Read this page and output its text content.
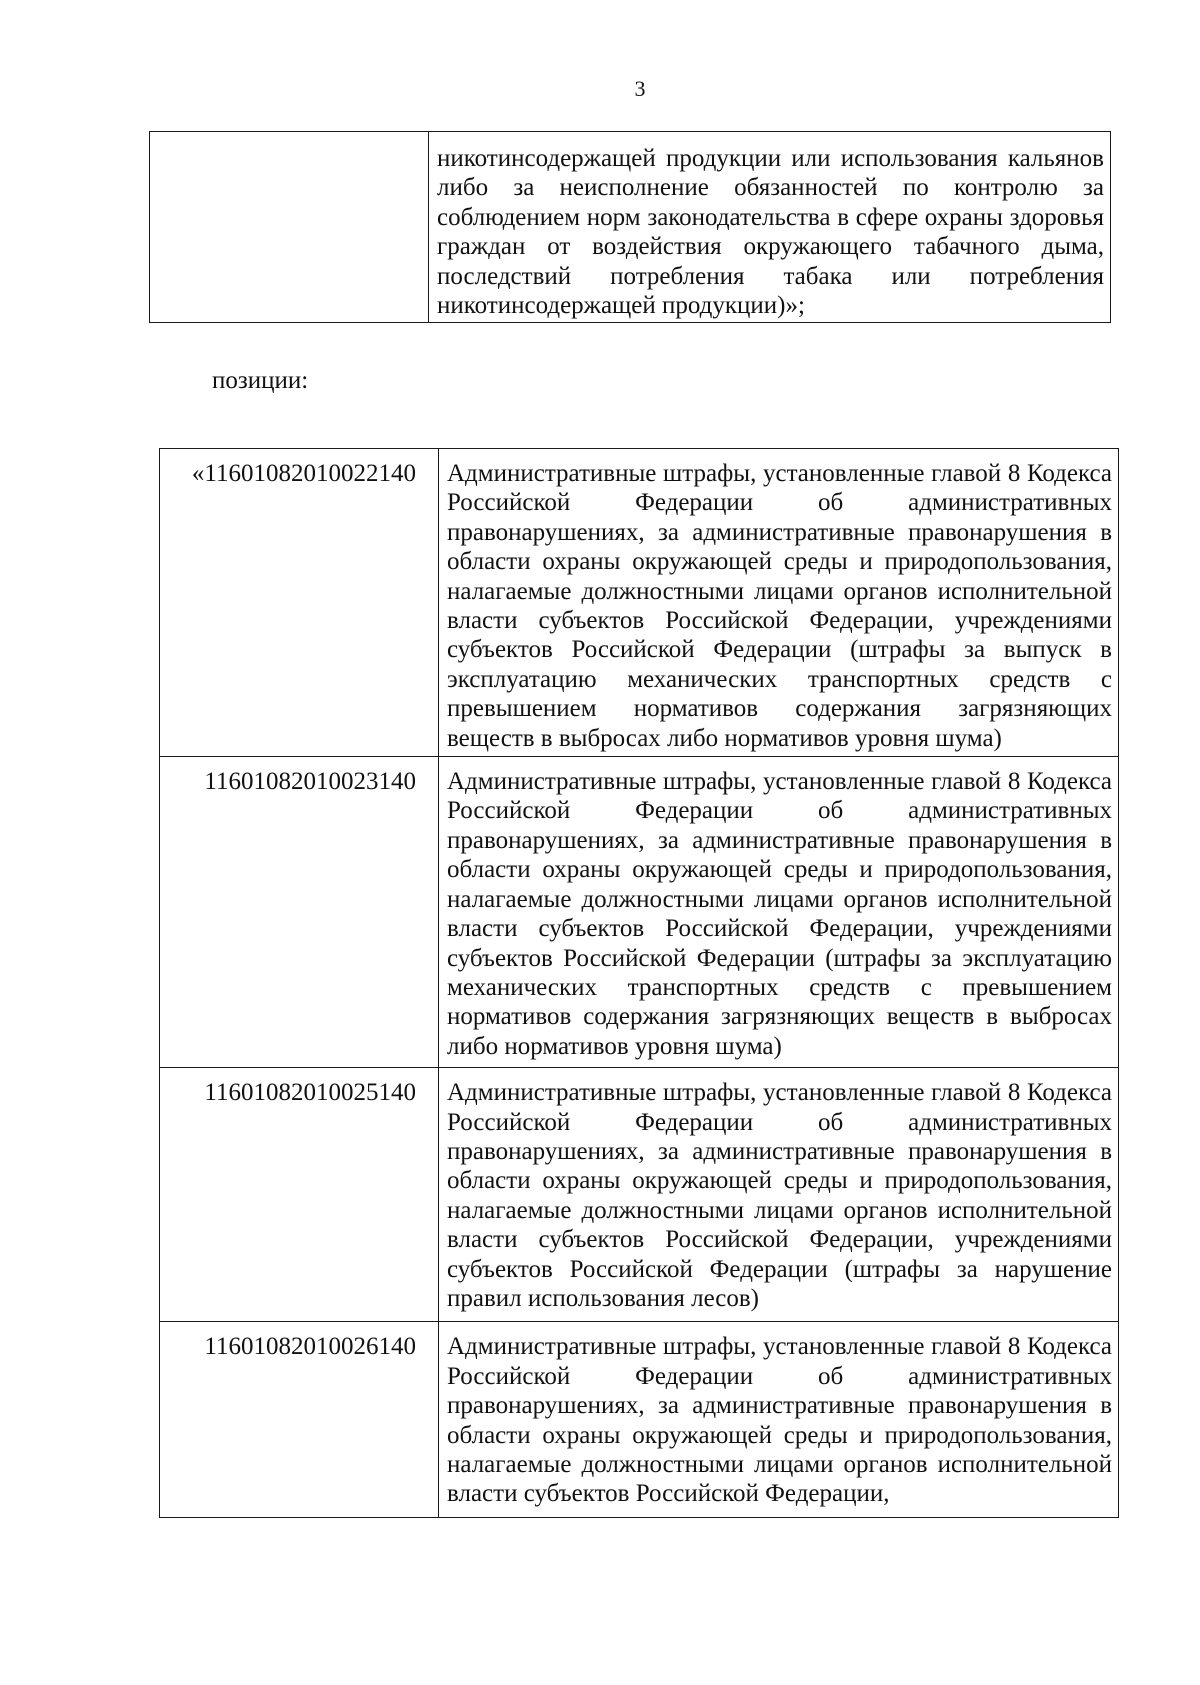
3
	никотинсодержащей продукции или использования кальянов либо за неисполнение обязанностей по контролю за соблюдением норм законодательства в сфере охраны здоровья граждан от воздействия окружающего табачного дыма, последствий потребления табака или потребления никотинсодержащей продукции)»;
позиции:
«11601082010022140	Административные штрафы, установленные главой 8 Кодекса Российской Федерации об административных правонарушениях, за административные правонарушения в области охраны окружающей среды и природопользования, налагаемые должностными лицами органов исполнительной власти субъектов Российской Федерации, учреждениями субъектов Российской Федерации (штрафы за выпуск в эксплуатацию механических транспортных средств с превышением нормативов содержания загрязняющих веществ в выбросах либо нормативов уровня шума)
11601082010023140	Административные штрафы, установленные главой 8 Кодекса Российской Федерации об административных правонарушениях, за административные правонарушения в области охраны окружающей среды и природопользования, налагаемые должностными лицами органов исполнительной власти субъектов Российской Федерации, учреждениями субъектов Российской Федерации (штрафы за эксплуатацию механических транспортных средств с превышением нормативов содержания загрязняющих веществ в выбросах либо нормативов уровня шума)
11601082010025140	Административные штрафы, установленные главой 8 Кодекса Российской Федерации об административных правонарушениях, за административные правонарушения в области охраны окружающей среды и природопользования, налагаемые должностными лицами органов исполнительной власти субъектов Российской Федерации, учреждениями субъектов Российской Федерации (штрафы за нарушение правил использования лесов)
11601082010026140	Административные штрафы, установленные главой 8 Кодекса Российской Федерации об административных правонарушениях, за административные правонарушения в области охраны окружающей среды и природопользования, налагаемые должностными лицами органов исполнительной власти субъектов Российской Федерации,
